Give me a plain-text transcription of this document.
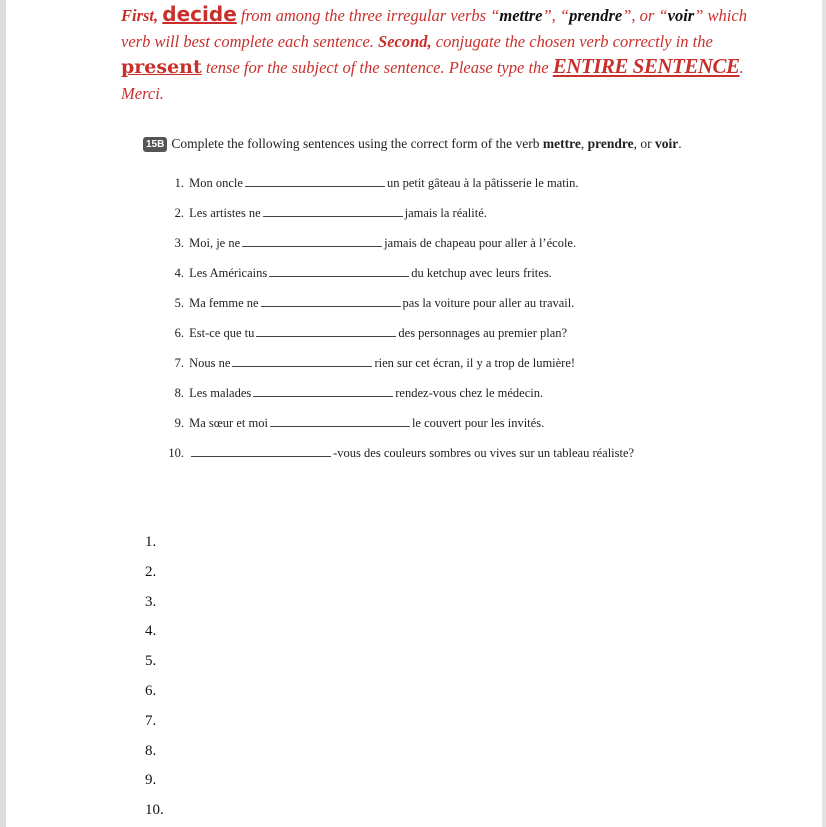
First, decide from among the three irregular verbs “mettre”, “prendre”, or “voir” which verb will best complete each sentence. Second, conjugate the chosen verb correctly in the present tense for the subject of the sentence. Please type the ENTIRE SENTENCE. Merci.
15B Complete the following sentences using the correct form of the verb mettre, prendre, or voir.
1. Mon oncle	un petit gâteau à la pâtisserie le matin.
2. Les artistes ne	jamais la réalité.
3. Moi, je ne	jamais de chapeau pour aller à l’école.
4. Les Américains	du ketchup avec leurs frites.
5. Ma femme ne	pas la voiture pour aller au travail.
6. Est-ce que tu	des personnages au premier plan?
7. Nous ne	rien sur cet écran, il y a trop de lumière!
8. Les malades	rendez-vous chez le médecin.
9. Ma sœur et moi	le couvert pour les invités.
10.	-vous des couleurs sombres ou vives sur un tableau réaliste?
1.
2.
3.
4.
5.
6.
7.
8.
9.
10.
